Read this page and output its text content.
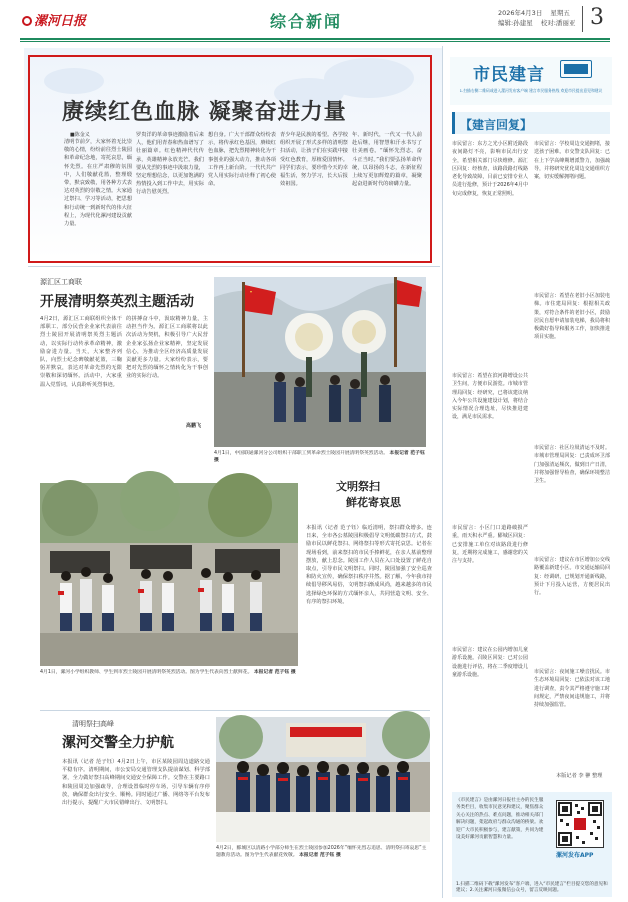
漯河日报	综合新闻	2026年4月3日 星期五
编辑:孙建星 校对:潘丽亚 3
赓续红色血脉 凝聚奋进力量
■陈金义
清明节前夕，大家怀着无比崇敬的心情，纷纷前往烈士陵园和革命纪念地，寄托哀思，缅怀先烈。在庄严肃穆的氛围中，人们敬献花篮，整理缎带，默哀致敬，用各种方式表达对英烈的崇敬之情。大家通过祭扫、学习等活动，把思想和行动统一到新时代的伟大征程上，为现代化漯河建设贡献力量。
罗贵洋的革命事迹激励着后来人，他们用青春和热血谱写了壮丽篇章。红色精神代代传承，英雄精神永放光芒。我们要从先烈的事迹中汲取力量，坚定理想信念，以更加饱满的热情投入到工作中去，用实际行动告慰英烈。
想自身。广大干部群众纷纷表示，将传承红色基因，赓续红色血脉，把先烈精神转化为干事创业的强大动力，推动各项工作再上新台阶。一代代共产党人用实际行动诠释了初心使命。
青少年是民族的希望。各学校组织开展了形式多样的清明祭扫活动，让孩子们在实践中接受红色教育，厚植爱国情怀。同学们表示，要珍惜今天的幸福生活，努力学习，长大后报效祖国。
年、新时代，一代又一代人前赴后继，用智慧和汗水书写了壮美画卷。“缅怀先烈志，奋斗正当时。”我们要弘扬革命传统，以昂扬的斗志，在新征程上续写更加辉煌的篇章，凝聚起奋进新时代的磅礴力量。
源汇区工商联
开展清明祭英烈主题活动
4月2日，源汇区工商联组织全体干部职工、部分民营企业家代表前往烈士陵园开展清明祭英烈主题活动，以实际行动传承革命精神，激励奋进力量。当天，大家整齐列队，向烈士纪念碑敬献花篮，三鞠躬并默哀，表达对革命先烈的无限崇敬和深切缅怀。活动中，大家重温入党誓词，认真聆听英烈事迹。
的拼搏奋斗中，汲取精神力量，主动担当作为。源汇区工商联将以此次活动为契机，积极引导广大民营企业家弘扬企业家精神，坚定发展信心，为推动全区经济高质量发展贡献更多力量。大家纷纷表示，要把对先烈的缅怀之情转化为干事创业的实际行动。
高鹏飞
4月1日，中国联通漯河分公司组织干部职工到革命烈士陵园开展清明祭英烈活动。 本报记者 范子钰 摄
4月1日，漯河小学组织教师、学生到市烈士陵园开展清明祭英烈活动。图为学生代表向烈士献鲜花。 本报记者 范子钰 摄
文明祭扫
鲜花寄哀思
本报讯（记者 范子钰）临近清明，祭扫群众增多。连日来，全市各公墓陵园积极倡导文明低碳祭扫方式，鼓励市民以鲜花祭扫、网络祭扫等形式寄托哀思。记者在现场看到，前来祭扫的市民手捧鲜花，在亲人墓前整理摆放，献上思念。陵园工作人员在入口处设置了鲜花自取点，引导市民文明祭扫。同时，陵园加强了安全巡查和防火宣传，确保祭扫秩序井然。据了解，今年我市持续倡导移风易俗，文明祭扫渐成风尚，越来越多的市民选择绿色环保的方式缅怀亲人，共同营造文明、安全、有序的祭扫环境。
清明祭扫高峰
漯河交警全力护航
本报讯（记者 范子钰）4月2日上午，市区某陵园周边道路交通平稳有序。清明期间，市公安局交通管理支队提前谋划、科学部署，全力做好祭扫高峰期间交通安全保障工作。交警在主要路口和陵园周边加强疏导，合理设置临时停车场，引导车辆有序停放，确保群众出行安全、顺畅。同时通过广播、网络等平台发布出行提示，提醒广大市民错峰出行、文明祭扫。
4月2日，郾城区以清路小学部分师生在烈士陵园参加2026年“缅怀先烈志追思、清明祭扫寄哀思”主题教育活动。图为学生代表献花致敬。 本报记者 范子钰 摄
市民建言
1.扫描右侧二维码或进入漯河发布客户端 建言市民服务热线 欢迎市民提出意见和建议
【建言回复】
市民留言：东方之光小区附近路段夜间路灯不亮，影响市民出行安全，希望相关部门尽快维修。源汇区回复：经核查，该路段路灯线路老化导致故障，目前已安排专业人员进行抢修，预计于2026年4月中旬完成修复，恢复正常照明。
市民留言：希望在滨河路增设公共卫生间，方便市民游览。市城市管理局回复：经研究，已将该建议纳入今年公共设施建设计划，将结合实际情况合理选址，尽快推进建设，满足市民需求。
市民留言：小区门口道路破损严重，雨天积水严重。郾城区回复：已安排施工单位对该路段进行修复，近期将完成施工，感谢您的关注与支持。
市民留言：建议在公园内增加儿童游乐设施。召陵区回复：已对公园设施进行评估，将在二季度增设儿童游乐设施。
市民留言：学校周边交通拥堵，接送孩子困难。市交警支队回复：已在上下学高峰期增派警力，加强疏导，并将研究优化周边交通组织方案，切实缓解拥堵问题。
市民留言：希望在老旧小区加装电梯。市住建局回复：根据相关政策，对符合条件的老旧小区，鼓励居民自愿申请加装电梯，我局将积极做好指导和服务工作，加快推进项目实施。
市民留言：社区垃圾清运不及时。市城市管理局回复：已责成环卫部门加强清运频次，做到日产日清，并将加强督导检查，确保环境整洁卫生。
市民留言：建议在市区增加公交线路覆盖新建小区。市交通运输局回复：经调研，已规划开通新线路，预计下月投入运营，方便居民出行。
市民留言：夜间施工噪音扰民。市生态环境局回复：已依法对该工地进行调查，责令其严格遵守施工时间规定，严禁夜间违规施工，并将持续加强监管。
本版记者 李 翀 整理
《市民建言》是由漯河日报社主办的民生服务类栏目，收集市民意见和建议，聚焦群众关心关注的热点、难点问题，推动相关部门解决问题，架起政府与群众沟通的桥梁。欢迎广大市民积极参与，建言献策，共同为建设美好漯河贡献智慧和力量。
漯河发布APP
1.扫描二维码下载“漯河发布”客户端，进入“市民建言”栏目提交您的意见和建议；2.关注漯河日报微信公众号，留言反映问题。
